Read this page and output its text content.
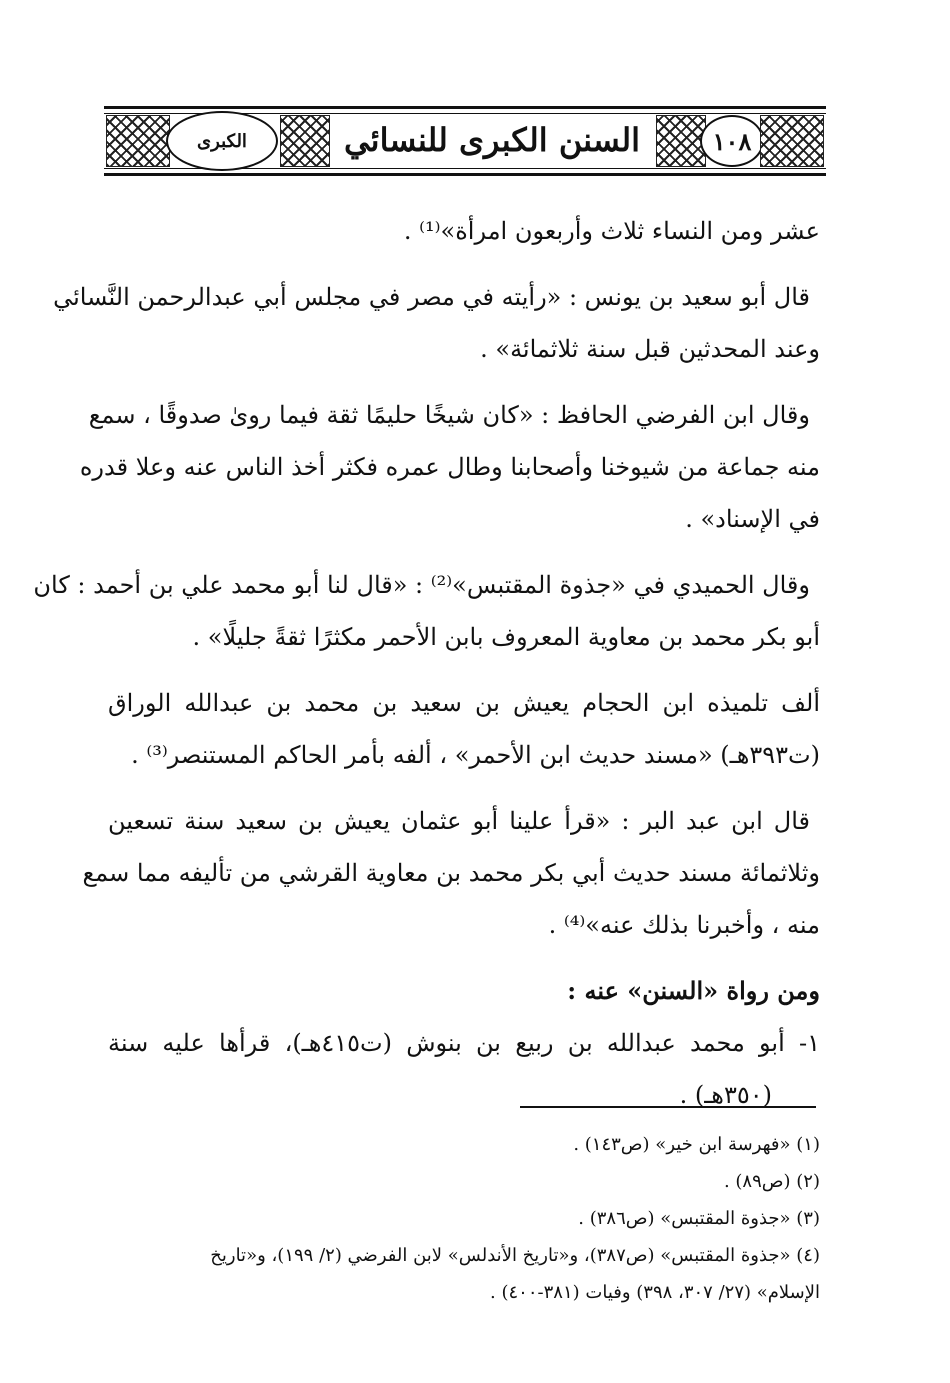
الكبرى	السنن الكبرى للنسائي	١٠٨
عشر ومن النساء ثلاث وأربعون امرأة»⁽¹⁾ .
قال أبو سعيد بن يونس : «رأيته في مصر في مجلس أبي عبدالرحمن النَّسائي
وعند المحدثين قبل سنة ثلاثمائة» .
وقال ابن الفرضي الحافظ : «كان شيخًا حليمًا ثقة فيما روىٰ صدوقًا ، سمع
منه جماعة من شيوخنا وأصحابنا وطال عمره فكثر أخذ الناس عنه وعلا قدره
في الإسناد» .
وقال الحميدي في «جذوة المقتبس»⁽²⁾ : «قال لنا أبو محمد علي بن أحمد : كان
أبو بكر محمد بن معاوية المعروف بابن الأحمر مكثرًا ثقةً جليلًا» .
ألف تلميذه ابن الحجام يعيش بن سعيد بن محمد بن عبدالله الوراق
(ت٣٩٣هـ) «مسند حديث ابن الأحمر» ، ألفه بأمر الحاكم المستنصر⁽³⁾ .
قال ابن عبد البر : «قرأ علينا أبو عثمان يعيش بن سعيد سنة تسعين
وثلاثمائة مسند حديث أبي بكر محمد بن معاوية القرشي من تأليفه مما سمع
منه ، وأخبرنا بذلك عنه»⁽⁴⁾ .
ومن رواة «السنن» عنه :
١- أبو محمد عبدالله بن ربيع بن بنوش (ت٤١٥هـ)، قرأها عليه سنة
(٣٥٠هـ) .
(١) «فهرسة ابن خير» (ص١٤٣) .
(٢) (ص٨٩) .
(٣) «جذوة المقتبس» (ص٣٨٦) .
(٤) «جذوة المقتبس» (ص٣٨٧)، و«تاريخ الأندلس» لابن الفرضي (٢/ ١٩٩)، و«تاريخ
الإسلام» (٢٧/ ٣٠٧، ٣٩٨) وفيات (٣٨١-٤٠٠) .
